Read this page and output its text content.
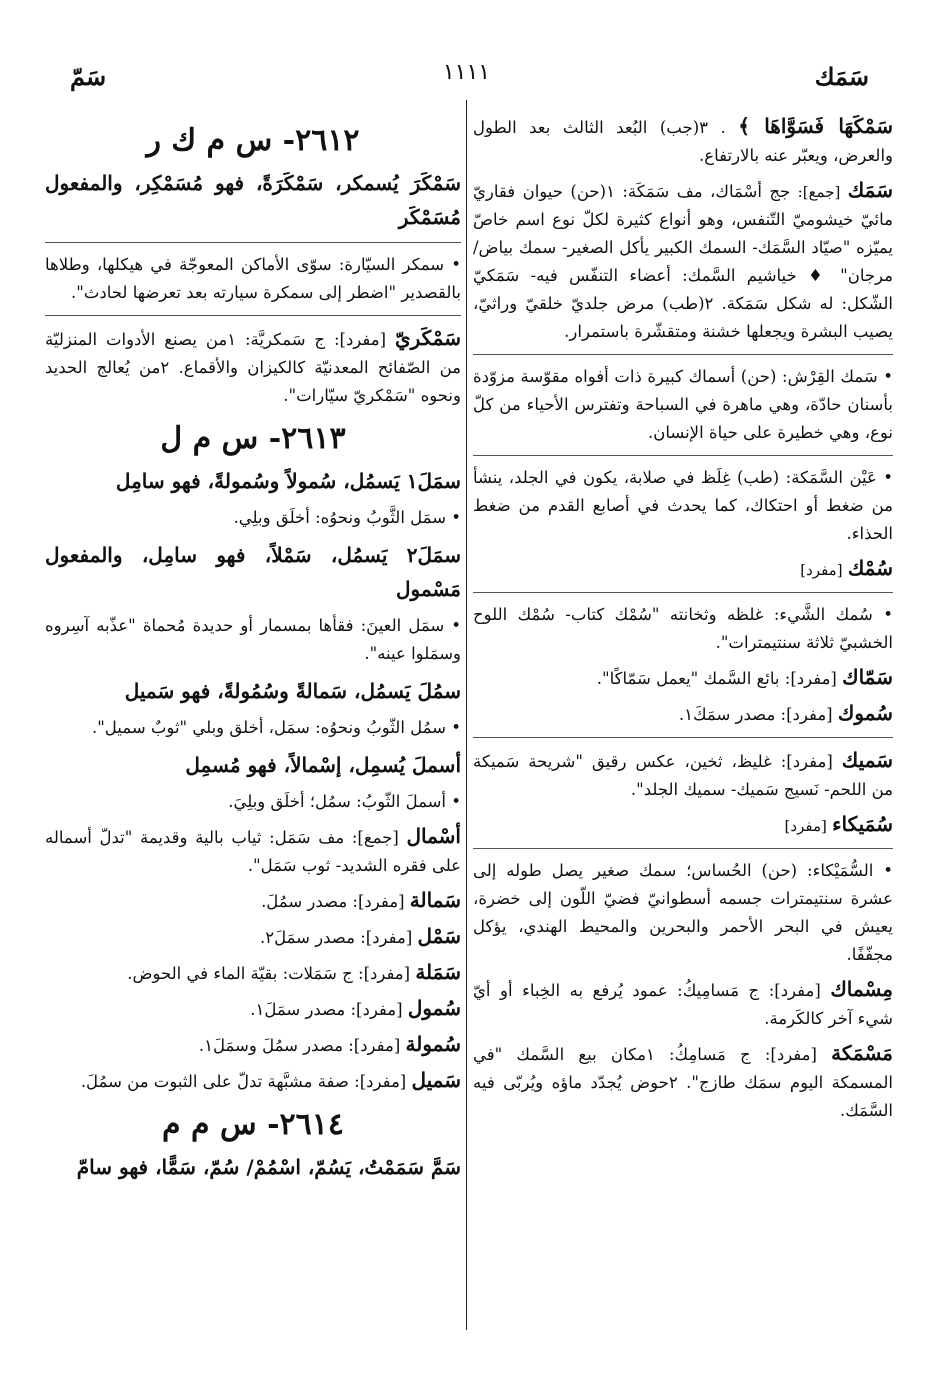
سَمَك
١١١١
سَمّ

سَمْكَهَا فَسَوَّاهَا ﴾ . ٣(جب) البُعد الثالث بعد الطول والعرض، ويعبّر عنه بالارتفاع.

سَمَك [جمع]: جج أسْمَاك، مف سَمَكَة: ١(حن) حيوان فقاريّ مائيّ خيشوميّ التّنفس، وهو أنواع كثيرة لكلّ نوع اسم خاصّ يميّزه "صيّاد السَّمَك- السمك الكبير يأكل الصغير- سمك بياض/ مرجان" ♦ خياشيم السَّمك: أعضاء التنفّس فيه- سَمَكيّ الشّكل: له شكل سَمَكة. ٢(طب) مرض جلديّ خلقيّ وراثيّ، يصيب البشرة ويجعلها خشنة ومتقشّرة باستمرار.

• سَمك القِرْش: (حن) أسماك كبيرة ذات أفواه مقوّسة مزوّدة بأسنان حادّة، وهي ماهرة في السباحة وتفترس الأحياء من كلّ نوع، وهي خطيرة على حياة الإنسان.

• عَيْن السَّمَكة: (طب) غِلَظ في صلابة، يكون في الجلد، ينشأ من ضغط أو احتكاك، كما يحدث في أصابع القدم من ضغط الحذاء.

سُمْك [مفرد]

• سُمك الشَّيء: غلظه وثخانته "سُمْك كتاب- سُمْك اللوح الخشبيّ ثلاثة سنتيمترات".

سَمّاك [مفرد]: بائع السَّمك "يعمل سَمّاكًا".

سُموك [مفرد]: مصدر سمَكَ١.

سَميك [مفرد]: غليظ، ثخين، عكس رقيق "شريحة سَميكة من اللحم- نَسيج سَميك- سميك الجلد".

سُمَيكاء [مفرد]

• السُّمَيْكاء: (حن) الحُساس؛ سمك صغير يصل طوله إلى عشرة سنتيمترات جسمه أسطوانيّ فضيّ اللّون إلى خضرة، يعيش في البحر الأحمر والبحرين والمحيط الهندي، يؤكل مجفّفًا.

مِسْماك [مفرد]: ج مَسامِيكُ: عمود يُرفع به الخِباء أو أيّ شيء آخر كالكَرمة.

مَسْمَكة [مفرد]: ج مَسامِكُ: ١مكان بيع السَّمك "في المسمكة اليوم سمَك طازج". ٢حوض يُجدّد ماؤه ويُربّى فيه السَّمَك.

٢٦١٢- س م ك ر

سَمْكَرَ يُسمكر، سَمْكَرَةً، فهو مُسَمْكِر، والمفعول مُسَمْكَر

• سمكر السيّارة: سوّى الأماكن المعوجّة في هيكلها، وطلاها بالقصدير "اضطر إلى سمكرة سيارته بعد تعرضها لحادث".

سَمْكَريّ [مفرد]: ج سَمكريَّة: ١من يصنع الأدوات المنزليّة من الصّفائح المعدنيّة كالكيزان والأقماع. ٢من يُعالج الحديد ونحوه "سَمْكريّ سيّارات".

٢٦١٣- س م ل

سمَلَ١ يَسمُل، سُمولاً وسُمولةً، فهو سامِل

• سمَل الثَّوبُ ونحوُه: أخلَق وبلِي.

سمَلَ٢ يَسمُل، سَمْلاً، فهو سامِل، والمفعول مَسْمول

• سمَل العينَ: فقأها بمسمار أو حديدة مُحماة "عذّبه آسِروه وسمَلوا عينه".

سمُلَ يَسمُل، سَمالةً وسُمُولةً، فهو سَميل

• سمُل الثّوبُ ونحوُه: سمَل، أخلق وبلي "ثوبٌ سميل".

أسملَ يُسمِل، إسْمالاً، فهو مُسمِل

• أسملَ الثّوبُ: سمُل؛ أخلَق وبلِيَ.

أسْمال [جمع]: مف سَمَل: ثياب بالية وقديمة "تدلّ أسماله على فقره الشديد- ثوب سَمَل".

سَمالة [مفرد]: مصدر سمُلَ.

سَمْل [مفرد]: مصدر سمَلَ٢.

سَمَلة [مفرد]: ج سَمَلات: بقيّة الماء في الحوض.

سُمول [مفرد]: مصدر سمَلَ١.

سُمولة [مفرد]: مصدر سمُلَ وسمَلَ١.

سَميل [مفرد]: صفة مشبَّهة تدلّ على الثبوت من سمُلَ.

٢٦١٤- س م م

سَمَّ سَمَمْتُ، يَسُمّ، اسْمُمْ/ سُمّ، سَمًّا، فهو سامّ
